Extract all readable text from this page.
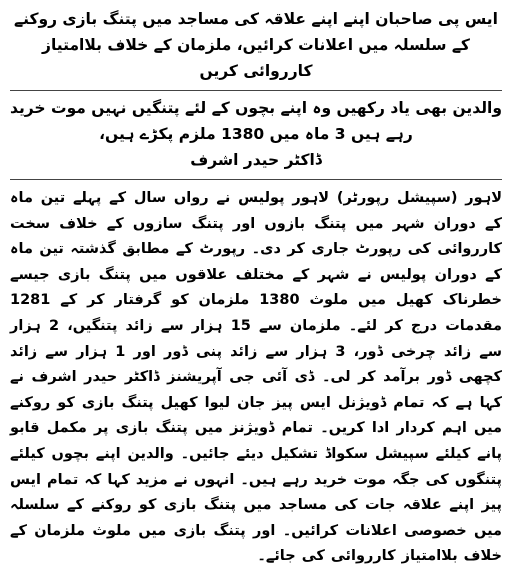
ایس پی صاحبان اپنے اپنے علاقہ کی مساجد میں پتنگ بازی روکنے کے سلسلہ میں اعلانات کرائیں، ملزمان کے خلاف بلاامتیاز کارروائی کریں

والدین بھی یاد رکھیں وہ اپنے بچوں کے لئے پتنگیں نہیں موت خرید رہے ہیں 3 ماہ میں 1380 ملزم پکڑے ہیں،
ڈاکٹر حیدر اشرف

لاہور (سپیشل رپورٹر) لاہور پولیس نے رواں سال کے پہلے تین ماہ کے دوران شہر میں پتنگ بازوں اور پتنگ سازوں کے خلاف سخت کارروائی کی رپورٹ جاری کر دی۔ رپورٹ کے مطابق گذشتہ تین ماہ کے دوران پولیس نے شہر کے مختلف علاقوں میں پتنگ بازی جیسے خطرناک کھیل میں ملوث 1380 ملزمان کو گرفتار کر کے 1281 مقدمات درج کر لئے۔ ملزمان سے 15 ہزار سے زائد پتنگیں، 2 ہزار سے زائد چرخی ڈور، 3 ہزار سے زائد پنی ڈور اور 1 ہزار سے زائد کچھی ڈور برآمد کر لی۔ ڈی آئی جی آپریشنز ڈاکٹر حیدر اشرف نے کہا ہے کہ تمام ڈویژنل ایس پیز جان لیوا کھیل پتنگ بازی کو روکنے میں اہم کردار ادا کریں۔ تمام ڈویژنز میں پتنگ بازی پر مکمل قابو پانے کیلئے سپیشل سکواڈ تشکیل دیئے جائیں۔ والدین اپنے بچوں کیلئے پتنگوں کی جگہ موت خرید رہے ہیں۔ انہوں نے مزید کہا کہ تمام ایس پیز اپنے علاقہ جات کی مساجد میں پتنگ بازی کو روکنے کے سلسلہ میں خصوصی اعلانات کرائیں۔ اور پتنگ بازی میں ملوث ملزمان کے خلاف بلاامتیاز کارروائی کی جائے۔
